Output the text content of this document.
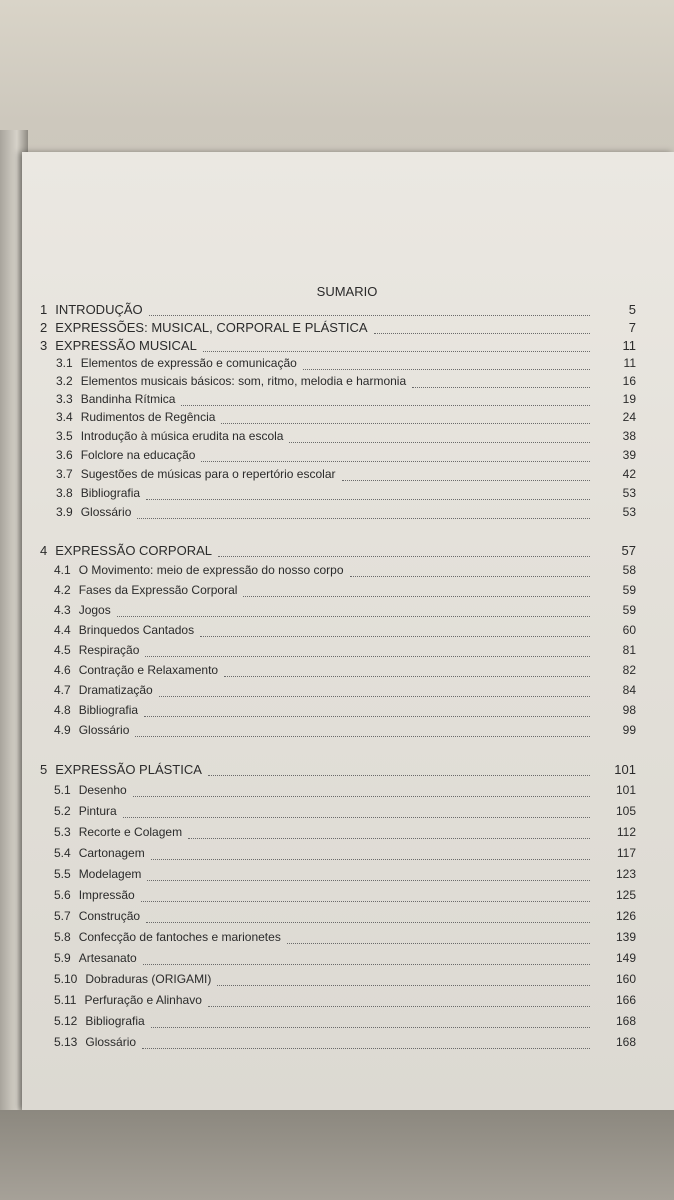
SUMARIO
1 INTRODUÇÃO	5
2 EXPRESSÕES: MUSICAL, CORPORAL E PLÁSTICA	7
3 EXPRESSÃO MUSICAL	11
3.1 Elementos de expressão e comunicação	11
3.2 Elementos musicais básicos: som, ritmo, melodia e harmonia	16
3.3 Bandinha Rítmica	19
3.4 Rudimentos de Regência	24
3.5 Introdução à música erudita na escola	38
3.6 Folclore na educação	39
3.7 Sugestões de músicas para o repertório escolar	42
3.8 Bibliografia	53
3.9 Glossário	53
4 EXPRESSÃO CORPORAL	57
4.1 O Movimento: meio de expressão do nosso corpo	58
4.2 Fases da Expressão Corporal	59
4.3 Jogos	59
4.4 Brinquedos Cantados	60
4.5 Respiração	81
4.6 Contração e Relaxamento	82
4.7 Dramatização	84
4.8 Bibliografia	98
4.9 Glossário	99
5 EXPRESSÃO PLÁSTICA	101
5.1 Desenho	101
5.2 Pintura	105
5.3 Recorte e Colagem	112
5.4 Cartonagem	117
5.5 Modelagem	123
5.6 Impressão	125
5.7 Construção	126
5.8 Confecção de fantoches e marionetes	139
5.9 Artesanato	149
5.10 Dobraduras (ORIGAMI)	160
5.11 Perfuração e Alinhavo	166
5.12 Bibliografia	168
5.13 Glossário	168
